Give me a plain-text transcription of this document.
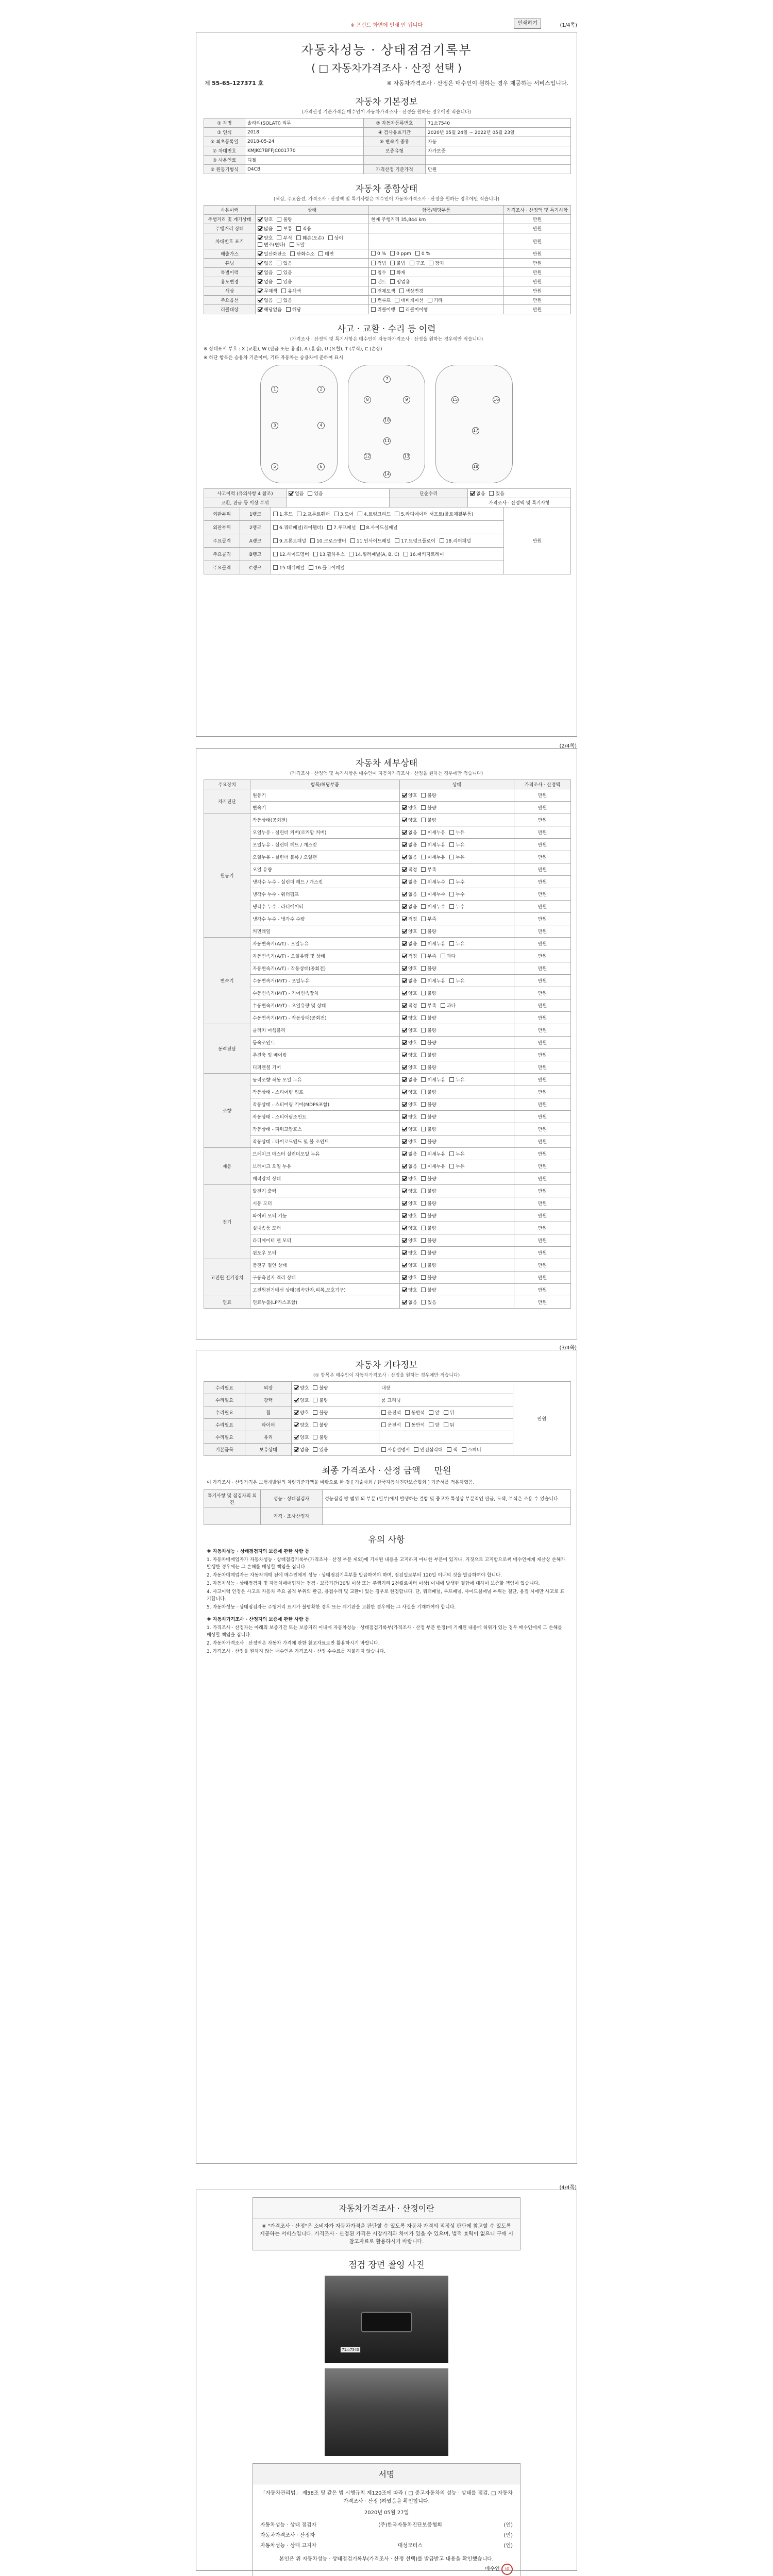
※ 프린트 화면에 인쇄 안 됩니다	인쇄하기	(1/4쪽)
자동차성능 · 상태점검기록부
( □ 자동차가격조사 · 산정 선택 )
제 55-65-127371 호	※ 자동차가격조사 · 산정은 매수인이 원하는 경우 제공하는 서비스입니다.
자동차 기본정보
(가격산정 기준가격은 매수인이 자동차가격조사 · 산정을 원하는 경우에만 적습니다)
① 차명	솔라티(SOLATI) 리무	② 자동차등록번호	71소7540
③ 연식	2018	④ 검사유효기간	2020년 05월 24일 ~ 2022년 05월 23일
⑤ 최초등록일	2018-05-24	⑥ 변속기 종류	자동
⑦ 차대번호	KMJKC7BFFJC001770	보증유형	자가보증
⑧ 사용연료	디젤		
⑨ 원동기형식	D4CB	가격산정 기준가격	만원
자동차 종합상태
(색상, 주요옵션, 가격조사 · 산정액 및 특기사항은 매수인이 자동차가격조사 · 산정을 원하는 경우에만 적습니다)
사용이력	상태	항목/해당부품	가격조사 · 산정액 및 특기사항
주행거리 및 계기상태	양호 불량	현재 주행거리 35,844 km	만원
주행거리 상태	많음 보통 적음		만원
차대번호 표기	양호 부식 훼손(오손) 상이변조(변타) 도말		만원
배출가스	일산화탄소 탄화수소 매연	0 % 0 ppm 0 %	만원
튜닝	없음 있음	적법 불법 구조 장치	만원
특별이력	없음 있음	침수 화재	만원
용도변경	없음 있음	렌트 영업용	만원
색상	무채색 유채색	전체도색 색상변경	만원
주요옵션	없음 있음	썬루프 네비게이션 기타	만원
리콜대상	해당없음 해당	리콜이행 리콜미이행	만원
사고 · 교환 · 수리 등 이력
(가격조사 · 산정액 및 특기사항은 매수인이 자동차가격조사 · 산정을 원하는 경우에만 적습니다)
※ 상태표시 부호 : X (교환), W (판금 또는 용접), A (흠집), U (요철), T (부식), C (손상)
※ 하단 항목은 승용차 기준이며, 기타 자동차는 승용차에 준하여 표시
1	2
3	4
5	6
7
8	9
10
11
12	13
14
15	16
17
18
사고이력 (유의사항 4 참조)	없음 있음	단순수리	없음 있음
교환, 판금 등 이상 부위			가격조사 · 산정액 및 특기사항
외판부위	1랭크	1.후드 2.프론트휀더 3.도어 4.트렁크리드 5.라디에이터 서포트(볼트체결부품)	만원
외판부위	2랭크	6.쿼터패널(리어휀더) 7.루프패널 8.사이드실패널	
주요골격	A랭크	9.프론트패널 10.크로스멤버 11.인사이드패널 17.트렁크플로어 18.리어패널	
주요골격	B랭크	12.사이드멤버 13.휠하우스 14.필러패널(A, B, C) 16.패키지트레이	
주요골격	C랭크	15.대쉬패널 16.플로어패널	
(2/4쪽)
자동차 세부상태
(가격조사 · 산정액 및 특기사항은 매수인이 자동차가격조사 · 산정을 원하는 경우에만 적습니다)
주요장치	항목/해당부품	상태	가격조사 · 산정액
자기진단	원동기	양호 불량	만원
	변속기	양호 불량	만원
원동기	작동상태(공회전)	양호 불량	만원
	오일누유 - 실린더 커버(로커암 커버)	없음 미세누유 누유	만원
	오일누유 - 실린더 헤드 / 개스킷	없음 미세누유 누유	만원
	오일누유 - 실린더 블록 / 오일팬	없음 미세누유 누유	만원
	오일 유량	적정 부족	만원
	냉각수 누수 - 실린더 헤드 / 개스킷	없음 미세누수 누수	만원
	냉각수 누수 - 워터펌프	없음 미세누수 누수	만원
	냉각수 누수 - 라디에이터	없음 미세누수 누수	만원
	냉각수 누수 - 냉각수 수량	적정 부족	만원
	커먼레일	양호 불량	만원
변속기	자동변속기(A/T) - 오일누유	없음 미세누유 누유	만원
	자동변속기(A/T) - 오일유량 및 상태	적정 부족 과다	만원
	자동변속기(A/T) - 작동상태(공회전)	양호 불량	만원
	수동변속기(M/T) - 오일누유	없음 미세누유 누유	만원
	수동변속기(M/T) - 기어변속장치	양호 불량	만원
	수동변속기(M/T) - 오일유량 및 상태	적정 부족 과다	만원
	수동변속기(M/T) - 작동상태(공회전)	양호 불량	만원
동력전달	클러치 어셈블리	양호 불량	만원
	등속조인트	양호 불량	만원
	추진축 및 베어링	양호 불량	만원
	디퍼렌셜 기어	양호 불량	만원
조향	동력조향 작동 오일 누유	없음 미세누유 누유	만원
	작동상태 - 스티어링 펌프	양호 불량	만원
	작동상태 - 스티어링 기어(MDPS포함)	양호 불량	만원
	작동상태 - 스티어링조인트	양호 불량	만원
	작동상태 - 파워고압호스	양호 불량	만원
	작동상태 - 타이로드엔드 및 볼 조인트	양호 불량	만원
제동	브레이크 마스터 실린더오일 누유	없음 미세누유 누유	만원
	브레이크 오일 누유	없음 미세누유 누유	만원
	배력장치 상태	양호 불량	만원
전기	발전기 출력	양호 불량	만원
	시동 모터	양호 불량	만원
	와이퍼 모터 기능	양호 불량	만원
	실내송풍 모터	양호 불량	만원
	라디에이터 팬 모터	양호 불량	만원
	윈도우 모터	양호 불량	만원
고전원 전기장치	충전구 절연 상태	양호 불량	만원
	구동축전지 격리 상태	양호 불량	만원
	고전원전기배선 상태(접속단자,피복,보호기구)	양호 불량	만원
연료	연료누출(LP가스포함)	없음 있음	만원
(3/4쪽)
자동차 기타정보
(① 항목은 매수인이 자동차가격조사 · 산정을 원하는 경우에만 적습니다)
수리필요	외장	양호 불량	내장	만원
수리필요	광택	양호 불량	룸 크리닝	
수리필요	휠	양호 불량	운전석 동반석 앞 뒤	
수리필요	타이어	양호 불량	운전석 동반석 앞 뒤	
수리필요	유리	양호 불량		
기본품목	보유상태	없음 있음	사용설명서 안전삼각대 잭 스패너	
최종 가격조사 · 산정 금액 만원
이 가격조사 · 산정가격은 보험개발원의 차량기준가액을 바탕으로 한 것 [ 기술사회 / 한국자동차진단보증협회 ] 기준서를 적용하였음.
특기사항 및 점검자의 의견	성능 · 상태점검자	성능점검 방 범위 외 부분 (일부)에서 발생하는 결함 및 중고차 특성상 부분적인 판금, 도색, 부식은 조용 수 있습니다.
	가격 · 조사산정자	
유의 사항

※ 자동차성능 · 상태점검자의 보증에 관한 사항 등

1. 자동차매매업자가 자동차성능 · 상태점검기록부(가격조사 · 산정 부분 제외)에 기재된 내용을 고지하지 아니한 부분이 있거나, 거짓으로 고지함으로써 매수인에게 재산상 손해가 발생한 경우에는 그 손해를 배상할 책임을 집니다.

2. 자동차매매업자는 자동차매매 전에 매수인에게 성능 · 상태점검기록부를 발급하여야 하며, 점검일로부터 120일 이내의 것을 발급하여야 합니다.

3. 자동차성능 · 상태점검자 및 자동차매매업자는 점검 · 보증기간(30일 이상 또는 주행거리 2천킬로미터 이상) 이내에 발생한 결함에 대하여 보증할 책임이 있습니다.

4. 사고이력 인정은 사고로 자동차 주요 골격 부위의 판금, 용접수리 및 교환이 있는 경우로 한정합니다. 단, 쿼터패널, 루프패널, 사이드실패널 부위는 절단, 용접 시에만 사고로 표기합니다.

5. 자동차성능 · 상태점검자는 주행거리 표시가 불명확한 경우 또는 계기판을 교환한 경우에는 그 사실을 기재하여야 합니다.

※ 자동차가격조사 · 산정자의 보증에 관한 사항 등

1. 가격조사 · 산정자는 아래의 보증기간 또는 보증거리 이내에 자동차성능 · 상태점검기록부(가격조사 · 산정 부분 한정)에 기재된 내용에 허위가 있는 경우 매수인에게 그 손해를 배상할 책임을 집니다.

2. 자동차가격조사 · 산정액은 자동차 가격에 관한 참고자료로만 활용하시기 바랍니다.

3. 가격조사 · 산정을 원하지 않는 매수인은 가격조사 · 산정 수수료를 지불하지 않습니다.

(4/4쪽)
자동차가격조사 · 산정이란
※ "가격조사 · 산정"은 소비자가 자동차가격을 판단할 수 있도록 자동차 가격의 적정성 판단에 참고할 수 있도록 제공하는 서비스입니다. 가격조사 · 산정된 가격은 시장가격과 차이가 있을 수 있으며, 법적 효력이 없으니 구매 시 참고자료로 활용하시기 바랍니다.
점검 장면 촬영 사진
71소7540
서명
「자동차관리법」 제58조 및 같은 법 시행규칙 제120조에 따라 ( □ 중고자동차의 성능 · 상태를 점검, □ 자동차가격조사 · 산정 )하였음을 확인합니다.
2020년 05월 27일
자동차성능 · 상태 점검자	(주)한국자동차진단보증협회	(인)
자동차가격조사 · 산정자	(인)
자동차성능 · 상태 고지자	대성모터스	(인)
본인은 위 자동차성능 · 상태점검기록부(가격조사 · 산정 선택)를 발급받고 내용을 확인했습니다.
매수인 印
